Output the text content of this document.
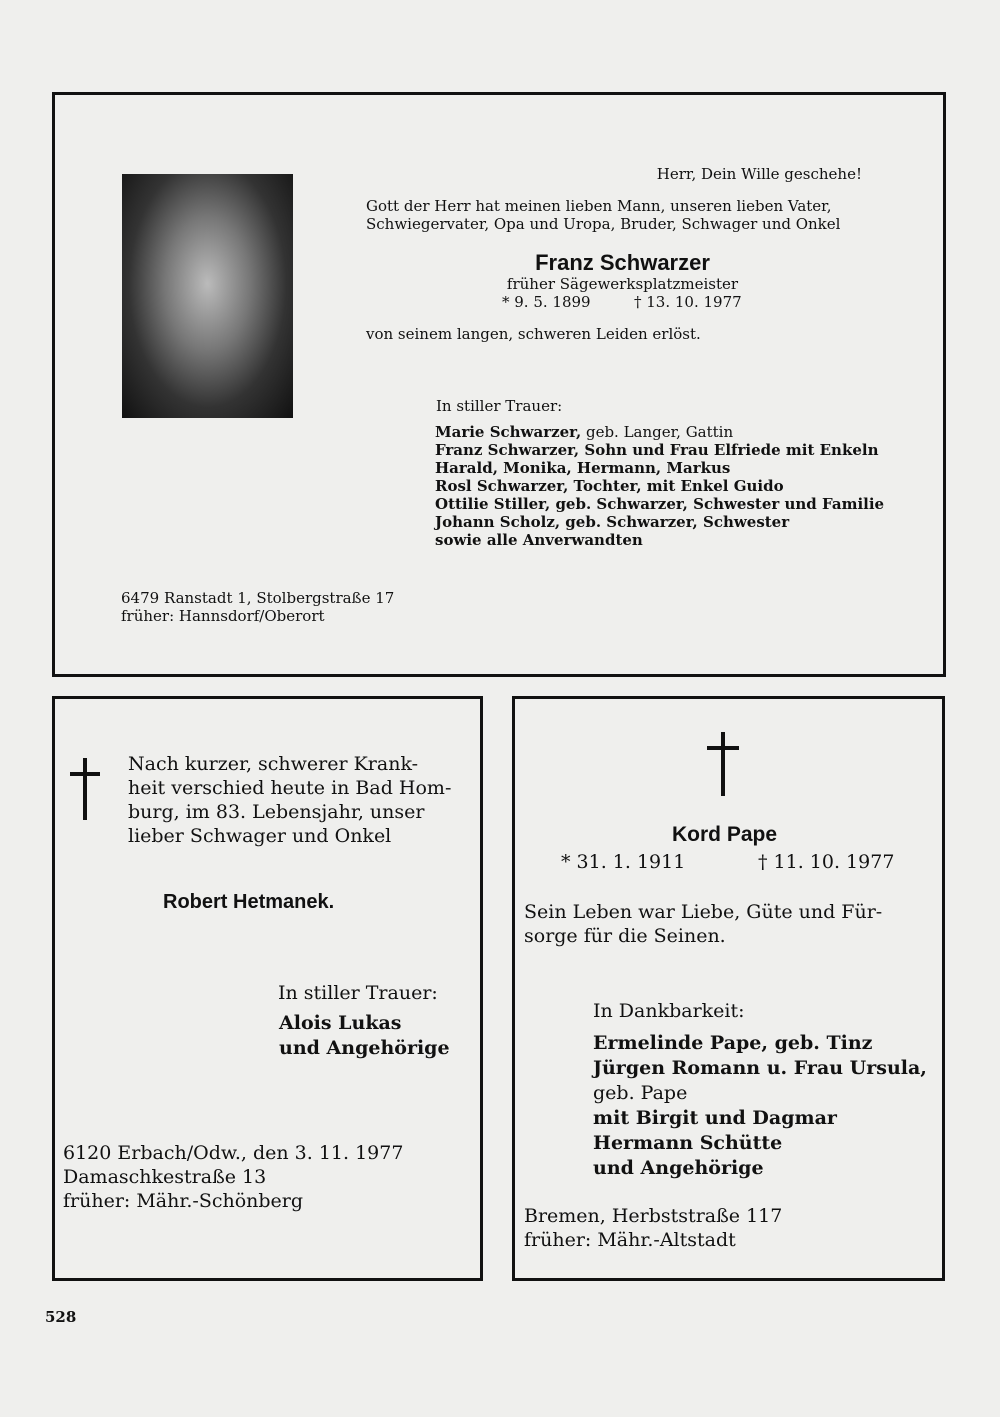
Herr, Dein Wille geschehe!
Gott der Herr hat meinen lieben Mann, unseren lieben Vater,
Schwiegervater, Opa und Uropa, Bruder, Schwager und Onkel
Franz Schwarzer
früher Sägewerksplatzmeister
* 9. 5. 1899	† 13. 10. 1977
von seinem langen, schweren Leiden erlöst.
In stiller Trauer:
Marie Schwarzer, geb. Langer, Gattin
Franz Schwarzer, Sohn und Frau Elfriede mit Enkeln
Harald, Monika, Hermann, Markus
Rosl Schwarzer, Tochter, mit Enkel Guido
Ottilie Stiller, geb. Schwarzer, Schwester und Familie
Johann Scholz, geb. Schwarzer, Schwester
sowie alle Anverwandten
6479 Ranstadt 1, Stolbergstraße 17
früher: Hannsdorf/Oberort
Nach kurzer, schwerer Krank-
heit verschied heute in Bad Hom-
burg, im 83. Lebensjahr, unser
lieber Schwager und Onkel
Robert Hetmanek.
In stiller Trauer:
Alois Lukas
und Angehörige
6120 Erbach/Odw., den 3. 11. 1977
Damaschkestraße 13
früher: Mähr.-Schönberg
Kord Pape
* 31. 1. 1911	† 11. 10. 1977
Sein Leben war Liebe, Güte und Für-
sorge für die Seinen.
In Dankbarkeit:
Ermelinde Pape, geb. Tinz
Jürgen Romann u. Frau Ursula,
geb. Pape
mit Birgit und Dagmar
Hermann Schütte
und Angehörige
Bremen, Herbststraße 117
früher: Mähr.-Altstadt
528
